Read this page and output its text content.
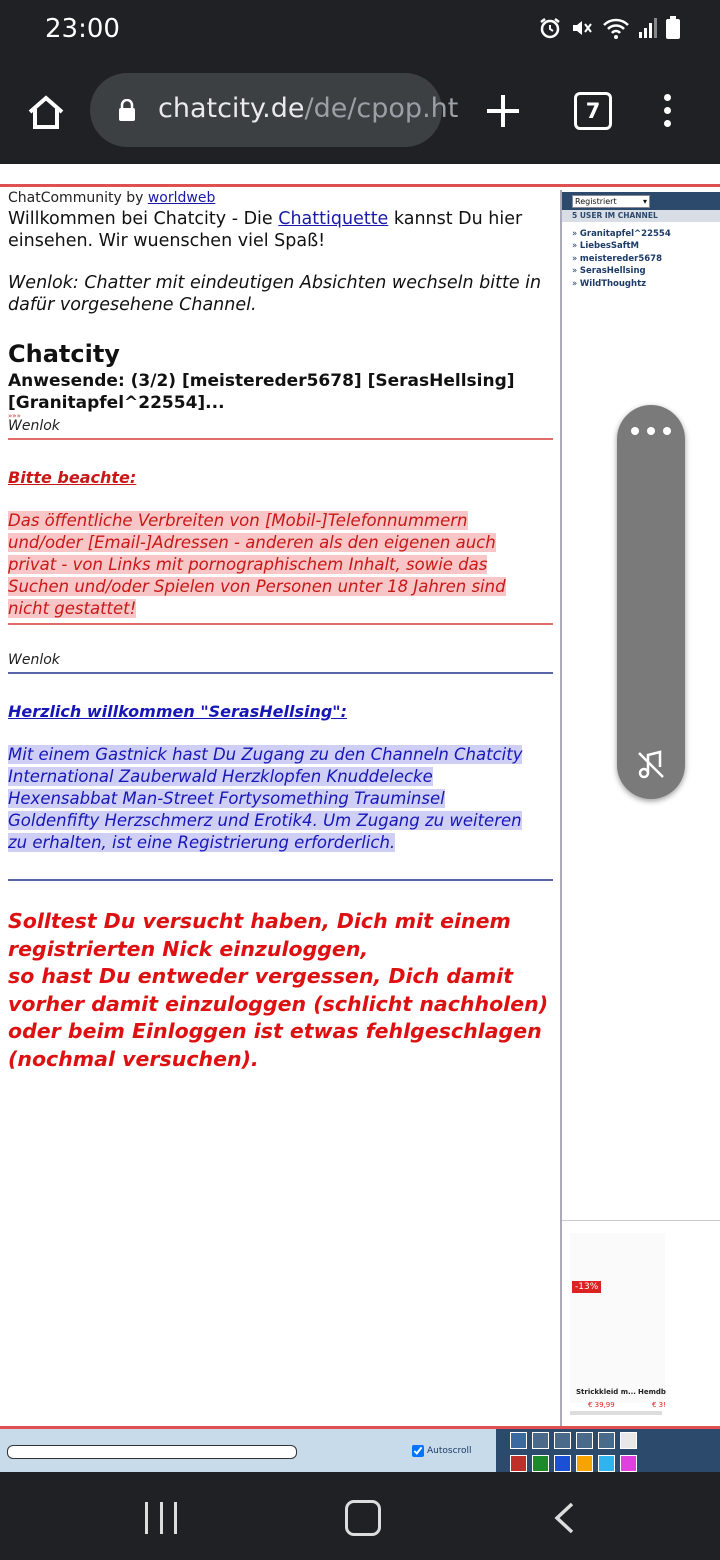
23:00
chatcity.de/de/cpop.ht	7
ChatCommunity by worldweb
Willkommen bei Chatcity - Die Chattiquette kannst Du hier einsehen. Wir wuenschen viel Spaß!
Wenlok: Chatter mit eindeutigen Absichten wechseln bitte in dafür vorgesehene Channel.
Chatcity
Anwesende: (3/2) [meistereder5678] [SerasHellsing] [Granitapfel^22554]...
»»»
Wenlok
Bitte beachte:
Das öffentliche Verbreiten von [Mobil-]Telefonnummern und/oder [Email-]Adressen - anderen als den eigenen auch privat - von Links mit pornographischem Inhalt, sowie das Suchen und/oder Spielen von Personen unter 18 Jahren sind nicht gestattet!
Wenlok
Herzlich willkommen "SerasHellsing":
Mit einem Gastnick hast Du Zugang zu den Channeln Chatcity International Zauberwald Herzklopfen Knuddelecke Hexensabbat Man-Street Fortysomething Trauminsel Goldenfifty Herzschmerz und Erotik4. Um Zugang zu weiteren zu erhalten, ist eine Registrierung erforderlich.
Solltest Du versucht haben, Dich mit einem registrierten Nick einzuloggen,
so hast Du entweder vergessen, Dich damit vorher damit einzuloggen (schlicht nachholen)
oder beim Einloggen ist etwas fehlgeschlagen (nochmal versuchen).
Registriert ▾
5 USER IM CHANNEL
» Granitapfel^22554
» LiebesSaftM
» meistereder5678
» SerasHellsing
» WildThoughtz
-13%
Strickkleid m... Hemdb
€ 39,99	€ 3!
Autoscroll
